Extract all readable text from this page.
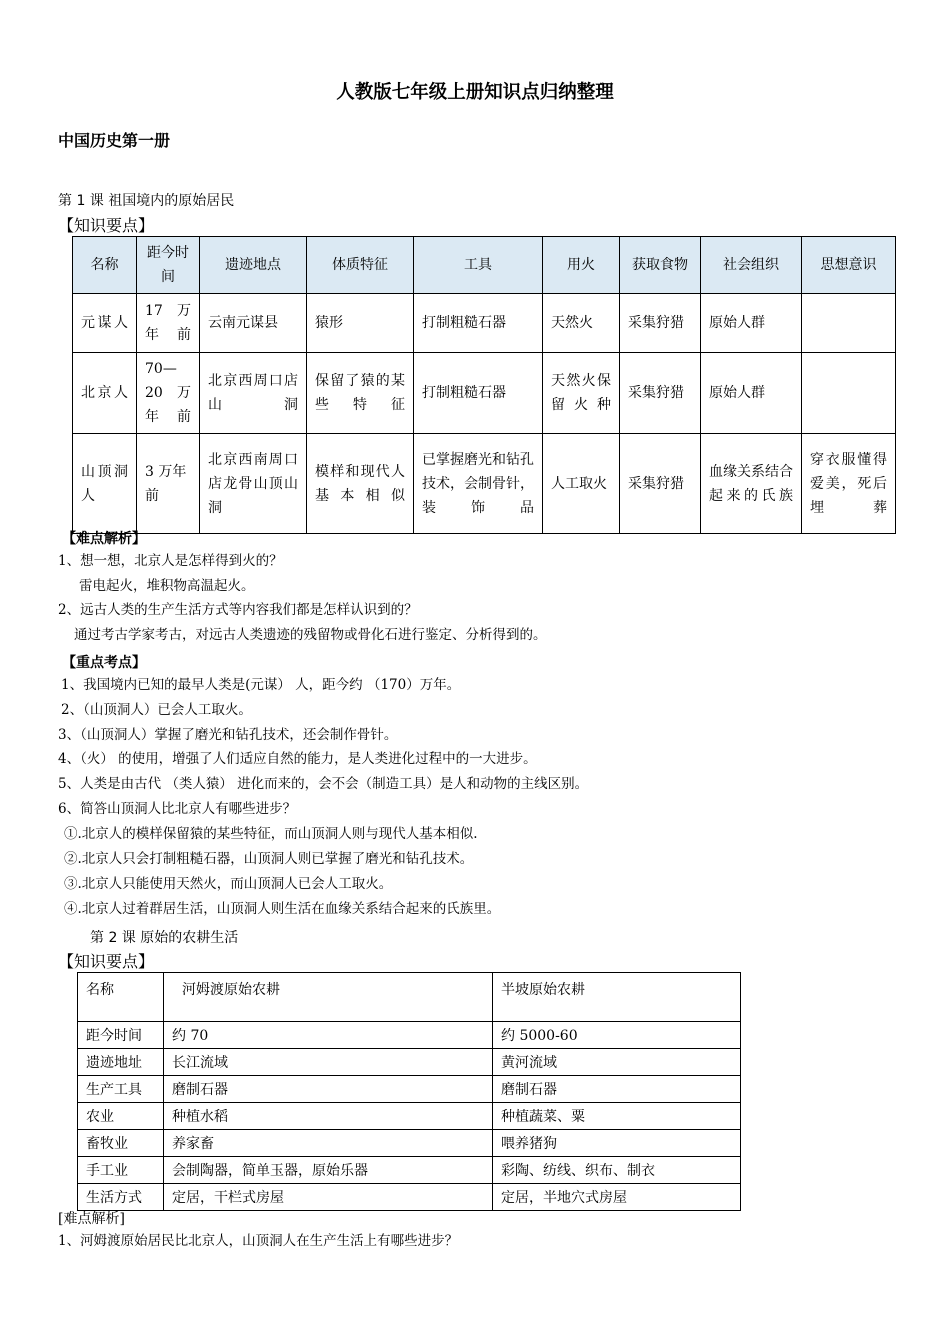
人教版七年级上册知识点归纳整理
中国历史第一册
第 1 课 祖国境内的原始居民
【知识要点】
名称	距今时间	遗迹地点	体质特征	工具	用火	获取食物	社会组织	思想意识
元谋人	17 万年前	云南元谋县	猿形	打制粗糙石器	天然火	采集狩猎	原始人群	
北京人	70—20 万年前	北京西周口店山洞	保留了猿的某些特征	打制粗糙石器	天然火保留火种	采集狩猎	原始人群	
山顶洞人	3 万年前	北京西南周口店龙骨山顶山洞	模样和现代人基本相似	已掌握磨光和钻孔技术，会制骨针，装饰品	人工取火	采集狩猎	血缘关系结合起来的氏族	穿衣服懂得爱美，死后埋葬
【难点解析】
1、想一想，北京人是怎样得到火的？
雷电起火，堆积物高温起火。
2、远古人类的生产生活方式等内容我们都是怎样认识到的？
通过考古学家考古，对远古人类遗迹的残留物或骨化石进行鉴定、分析得到的。
【重点考点】
1、我国境内已知的最早人类是(元谋） 人，距今约 （170）万年。
2、（山顶洞人）已会人工取火。
3、（山顶洞人）掌握了磨光和钻孔技术，还会制作骨针。
4、（火） 的使用，增强了人们适应自然的能力，是人类进化过程中的一大进步。
5、人类是由古代 （类人猿） 进化而来的，会不会（制造工具）是人和动物的主线区别。
6、简答山顶洞人比北京人有哪些进步？
①.北京人的模样保留猿的某些特征，而山顶洞人则与现代人基本相似.
②.北京人只会打制粗糙石器，山顶洞人则已掌握了磨光和钻孔技术。
③.北京人只能使用天然火，而山顶洞人已会人工取火。
④.北京人过着群居生活，山顶洞人则生活在血缘关系结合起来的氏族里。
第 2 课 原始的农耕生活
【知识要点】
名称	河姆渡原始农耕	半坡原始农耕
距今时间	约 70	约 5000-60
遗迹地址	长江流域	黄河流域
生产工具	磨制石器	磨制石器
农业	种植水稻	种植蔬菜、粟
畜牧业	养家畜	喂养猪狗
手工业	会制陶器，简单玉器，原始乐器	彩陶、纺线、织布、制衣
生活方式	定居，干栏式房屋	定居，半地穴式房屋
[难点解析]
1、河姆渡原始居民比北京人，山顶洞人在生产生活上有哪些进步？
